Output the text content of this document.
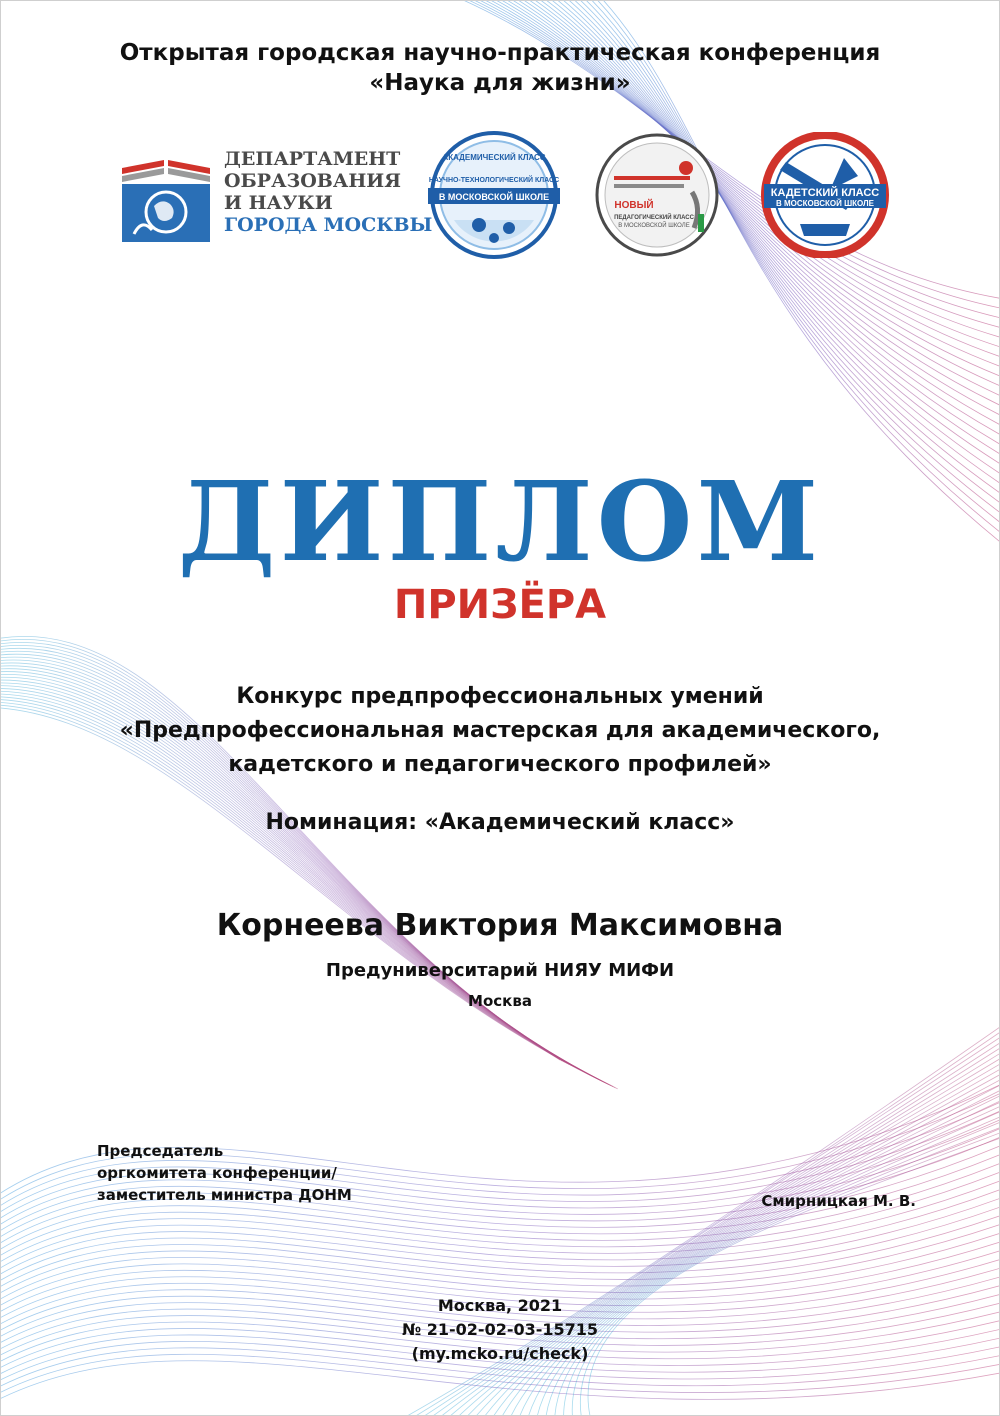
Открытая городская научно-практическая конференция
«Наука для жизни»
ДЕПАРТАМЕНТ
ОБРАЗОВАНИЯ
И НАУКИ
ГОРОДА МОСКВЫ
АКАДЕМИЧЕСКИЙ КЛАСС
НАУЧНО-ТЕХНОЛОГИЧЕСКИЙ КЛАСС
В МОСКОВСКОЙ ШКОЛЕ
НОВЫЙ
ПЕДАГОГИЧЕСКИЙ КЛАСС
В МОСКОВСКОЙ ШКОЛЕ
КАДЕТСКИЙ КЛАСС
В МОСКОВСКОЙ ШКОЛЕ
ДИПЛОМ
ПРИЗЁРА
Конкурс предпрофессиональных умений
«Предпрофессиональная мастерская для академического,
кадетского и педагогического профилей»
Номинация: «Академический класс»
Корнеева Виктория Максимовна
Предуниверситарий НИЯУ МИФИ
Москва
Председатель
оргкомитета конференции/
заместитель министра ДОНМ	Смирницкая М. В.
Москва, 2021
№ 21-02-02-03-15715
(my.mcko.ru/check)
